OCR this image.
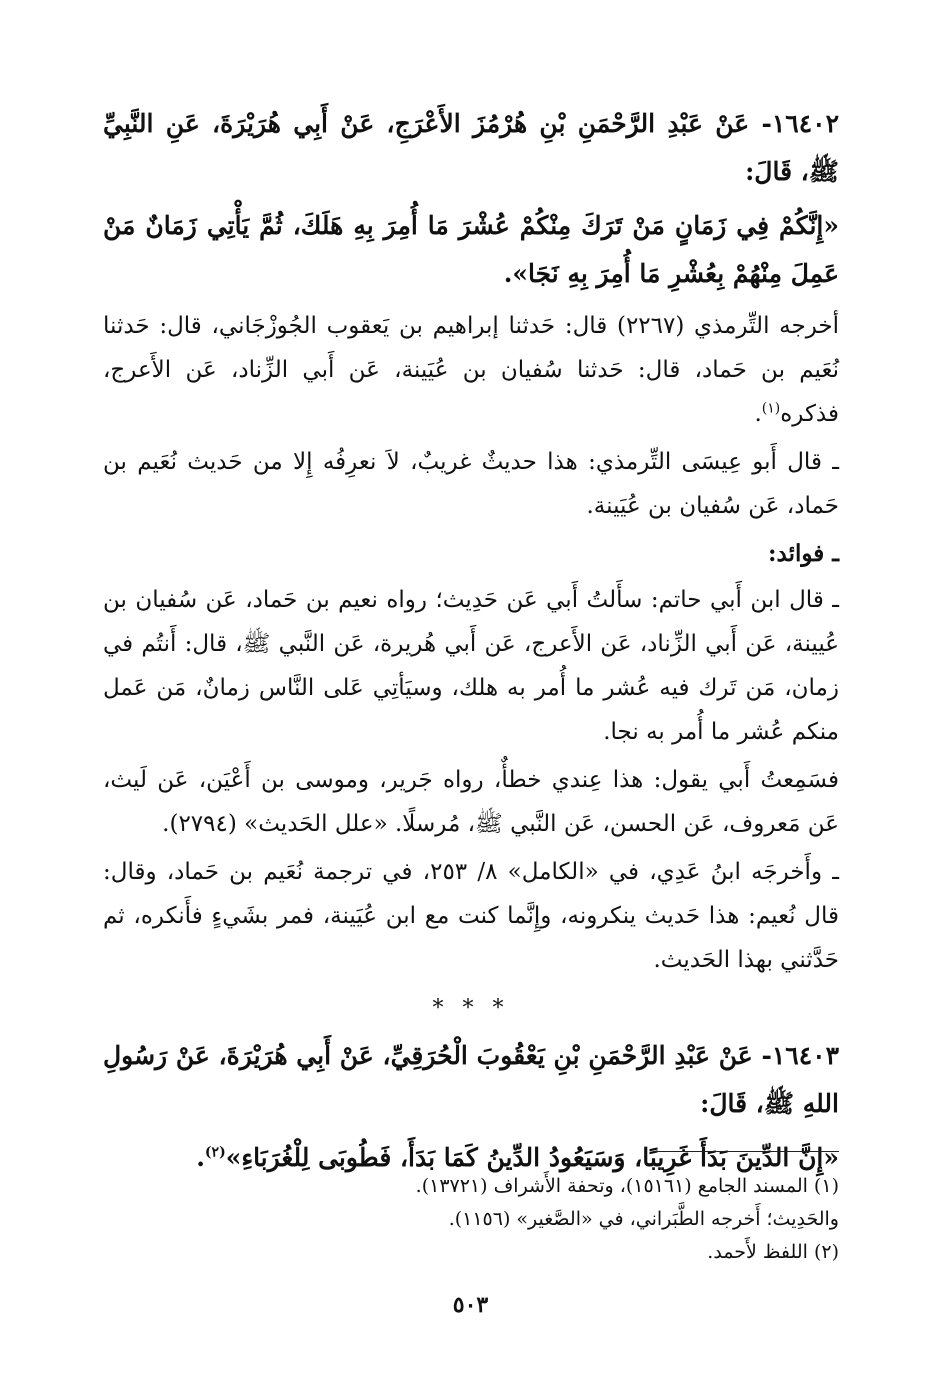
١٦٤٠٢- عَنْ عَبْدِ الرَّحْمَنِ بْنِ هُرْمُزَ الأَعْرَجِ، عَنْ أَبِي هُرَيْرَةَ، عَنِ النَّبِيِّ ﷺ، قَالَ:

«إِنَّكُمْ فِي زَمَانٍ مَنْ تَرَكَ مِنْكُمْ عُشْرَ مَا أُمِرَ بِهِ هَلَكَ، ثُمَّ يَأْتِي زَمَانٌ مَنْ عَمِلَ مِنْهُمْ بِعُشْرِ مَا أُمِرَ بِهِ نَجَا».

أخرجه التِّرمذي (٢٢٦٧) قال: حَدثنا إبراهيم بن يَعقوب الجُوزْجَاني، قال: حَدثنا نُعَيم بن حَماد، قال: حَدثنا سُفيان بن عُيَينة، عَن أَبي الزِّناد، عَن الأَعرج، فذكره$^{(١)}$.

ـ قال أَبو عِيسَى التِّرمذي: هذا حديثٌ غريبٌ، لاَ نعرِفُه إِلا من حَديث نُعَيم بن حَماد، عَن سُفيان بن عُيَينة.

ـ فوائد:

ـ قال ابن أَبي حاتم: سأَلتُ أَبي عَن حَدِيث؛ رواه نعيم بن حَماد، عَن سُفيان بن عُيينة، عَن أَبي الزِّناد، عَن الأَعرج، عَن أَبي هُريرة، عَن النَّبي ﷺ، قال: أَنتُم في زمان، مَن تَرك فيه عُشر ما أُمر به هلك، وسيَأتِي عَلى النَّاس زمانٌ، مَن عَمل منكم عُشر ما أُمر به نجا.

فسَمِعتُ أَبي يقول: هذا عِندي خطأٌ، رواه جَرير، وموسى بن أَعْيَن، عَن لَيث، عَن مَعروف، عَن الحسن، عَن النَّبي ﷺ، مُرسلًا. «علل الحَديث» (٢٧٩٤).

ـ وأَخرجَه ابنُ عَدِي، في «الكامل» ٨/ ٢٥٣، في ترجمة نُعَيم بن حَماد، وقال: قال نُعيم: هذا حَديث ينكرونه، وإِنَّما كنت مع ابن عُيَينة، فمر بشَيءٍ فأَنكره، ثم حَدَّثني بهذا الحَديث.

* * *

١٦٤٠٣- عَنْ عَبْدِ الرَّحْمَنِ بْنِ يَعْقُوبَ الْحُرَقِيِّ، عَنْ أَبِي هُرَيْرَةَ، عَنْ رَسُولِ اللهِ ﷺ، قَالَ:

«إِنَّ الدِّينَ بَدَأَ غَرِيبًا، وَسَيَعُودُ الدِّينُ كَمَا بَدَأَ، فَطُوبَى لِلْغُرَبَاءِ»$^{(٢)}$.

(١) المسند الجامع (١٥١٦١)، وتحفة الأَشراف (١٣٧٢١).

والحَدِيث؛ أَخرجه الطَّبَراني، في «الصَّغير» (١١٥٦).

(٢) اللفظ لأَحمد.

٥٠٣
